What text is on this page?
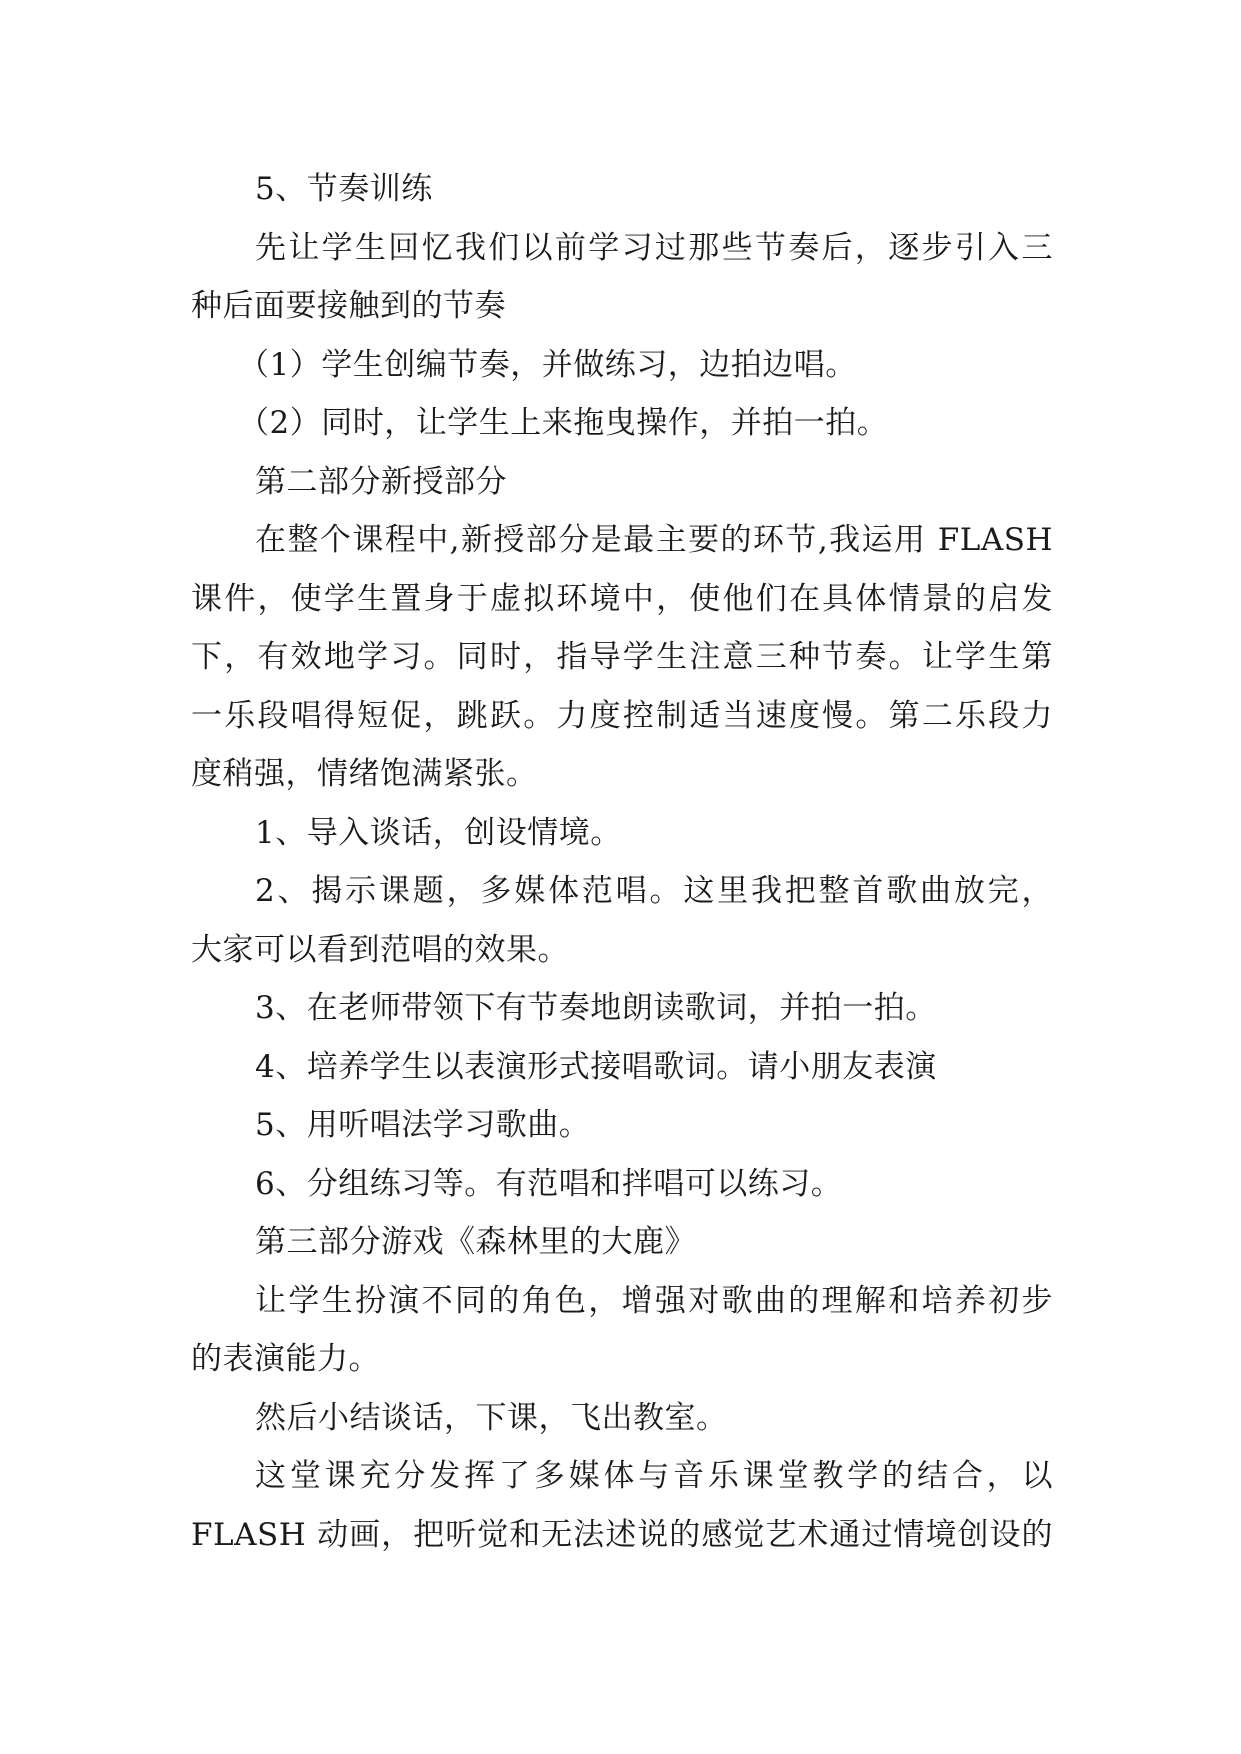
5、节奏训练
先让学生回忆我们以前学习过那些节奏后，逐步引入三
种后面要接触到的节奏
（1）学生创编节奏，并做练习，边拍边唱。
（2）同时，让学生上来拖曳操作，并拍一拍。
第二部分新授部分
在整个课程中,新授部分是最主要的环节,我运用 FLASH
课件，使学生置身于虚拟环境中，使他们在具体情景的启发
下，有效地学习。同时，指导学生注意三种节奏。让学生第
一乐段唱得短促，跳跃。力度控制适当速度慢。第二乐段力
度稍强，情绪饱满紧张。
1、导入谈话，创设情境。
2、揭示课题，多媒体范唱。这里我把整首歌曲放完，
大家可以看到范唱的效果。
3、在老师带领下有节奏地朗读歌词，并拍一拍。
4、培养学生以表演形式接唱歌词。请小朋友表演
5、用听唱法学习歌曲。
6、分组练习等。有范唱和拌唱可以练习。
第三部分游戏《森林里的大鹿》
让学生扮演不同的角色，增强对歌曲的理解和培养初步
的表演能力。
然后小结谈话，下课，飞出教室。
这堂课充分发挥了多媒体与音乐课堂教学的结合，以
FLASH 动画，把听觉和无法述说的感觉艺术通过情境创设的
